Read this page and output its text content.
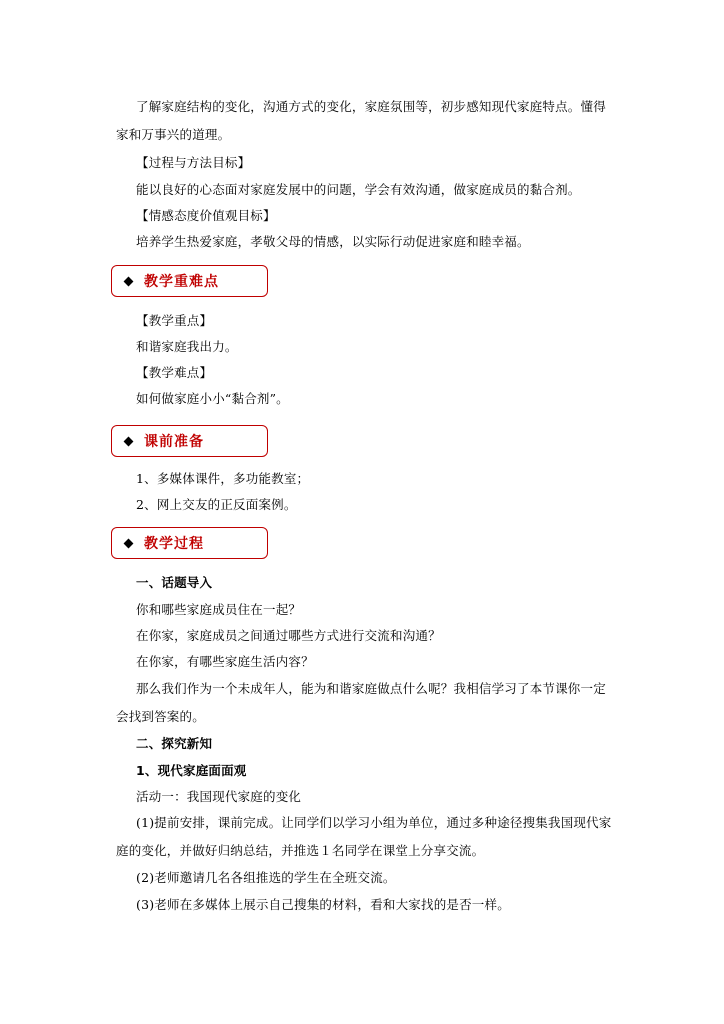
了解家庭结构的变化，沟通方式的变化，家庭氛围等，初步感知现代家庭特点。懂得
家和万事兴的道理。
【过程与方法目标】
能以良好的心态面对家庭发展中的问题，学会有效沟通，做家庭成员的黏合剂。
【情感态度价值观目标】
培养学生热爱家庭，孝敬父母的情感，以实际行动促进家庭和睦幸福。
教学重难点
【教学重点】
和谐家庭我出力。
【教学难点】
如何做家庭小小“黏合剂”。
课前准备
1、多媒体课件，多功能教室；
2、网上交友的正反面案例。
教学过程
一、话题导入
你和哪些家庭成员住在一起？
在你家，家庭成员之间通过哪些方式进行交流和沟通？
在你家，有哪些家庭生活内容？
那么我们作为一个未成年人，能为和谐家庭做点什么呢？我相信学习了本节课你一定
会找到答案的。
二、探究新知
1、现代家庭面面观
活动一：我国现代家庭的变化
(1)提前安排，课前完成。让同学们以学习小组为单位，通过多种途径搜集我国现代家
庭的变化，并做好归纳总结，并推选１名同学在课堂上分享交流。
(2)老师邀请几名各组推选的学生在全班交流。
(3)老师在多媒体上展示自己搜集的材料，看和大家找的是否一样。
